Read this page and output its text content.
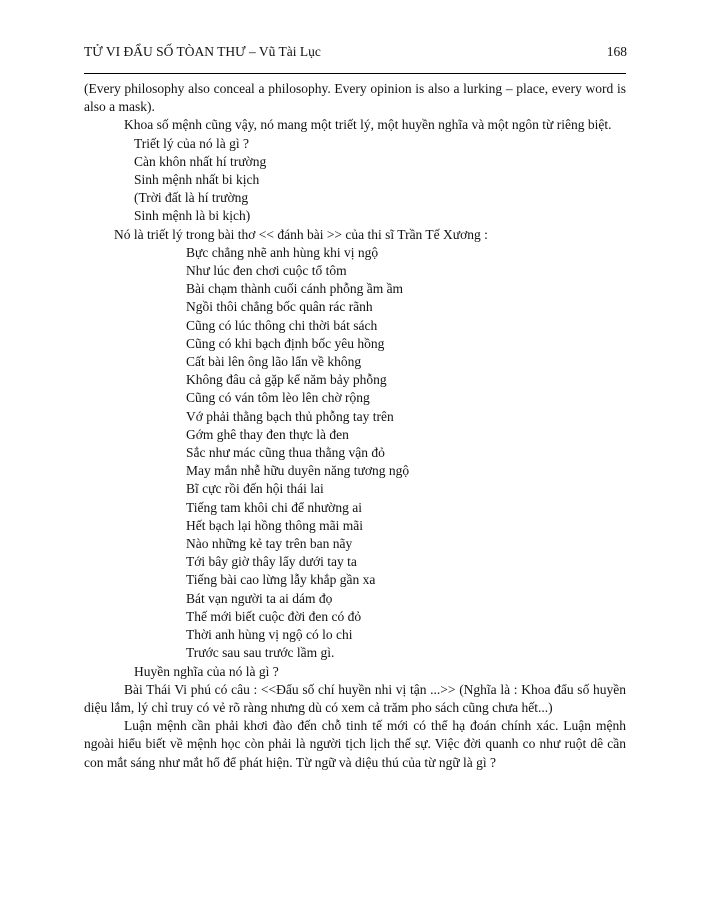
TỬ VI ĐẨU SỐ TÒAN THƯ – Vũ Tài Lục	168

(Every philosophy also conceal a philosophy. Every opinion is also a lurking – place, every word is also a mask).

Khoa số mệnh cũng vậy, nó mang một triết lý, một huyền nghĩa và một ngôn từ riêng biệt.

Triết lý của nó là gì ?

Càn khôn nhất hí trường

Sinh mệnh nhất bi kịch

(Trời đất là hí trường

Sinh mệnh là bi kịch)

Nó là triết lý trong bài thơ << đánh bài >> của thi sĩ Trần Tế Xương :

Bực chẳng nhẽ anh hùng khi vị ngộ

Như lúc đen chơi cuộc tổ tôm

Bài chạm thành cuối cánh phỗng ầm ầm

Ngồi thôi chẳng bốc quân rác rãnh

Cũng có lúc thông chi thời bát sách

Cũng có khi bạch định bốc yêu hồng

Cất bài lên ông lão lẩn về không

Không đâu cả gặp kể năm bảy phỗng

Cũng có ván tôm lèo lên chờ rộng

Vớ phải thằng bạch thủ phỗng tay trên

Gớm ghê thay đen thực là đen

Sắc như mác cũng thua thằng vận đỏ

May mắn nhễ hữu duyên năng tương ngộ

Bĩ cực rồi đến hội thái lai

Tiếng tam khôi chi để nhường ai

Hết bạch lại hồng thông mãi mãi

Nào những kẻ tay trên ban nãy

Tới bây giờ thây lẩy dưới tay ta

Tiếng bài cao lừng lẫy khắp gần xa

Bát vạn người ta ai dám đọ

Thế mới biết cuộc đời đen có đỏ

Thời anh hùng vị ngộ có lo chi

Trước sau sau trước lầm gì.

Huyền nghĩa của nó là gì ?

Bài Thái Vi phú có câu : <<Đẩu số chí huyền nhi vị tận ...>> (Nghĩa là : Khoa đẩu số huyền diệu lắm, lý chỉ truy có vẻ rõ ràng nhưng dù có xem cả trăm pho sách cũng chưa hết...)

Luận mệnh cần phải khơi đào đến chỗ tinh tế mới có thể hạ đoán chính xác. Luận mệnh ngoài hiểu biết về mệnh học còn phải là người tịch lịch thế sự. Việc đời quanh co như ruột dê cần con mắt sáng như mắt hổ để phát hiện. Từ ngữ và diệu thú của từ ngữ là gì ?
